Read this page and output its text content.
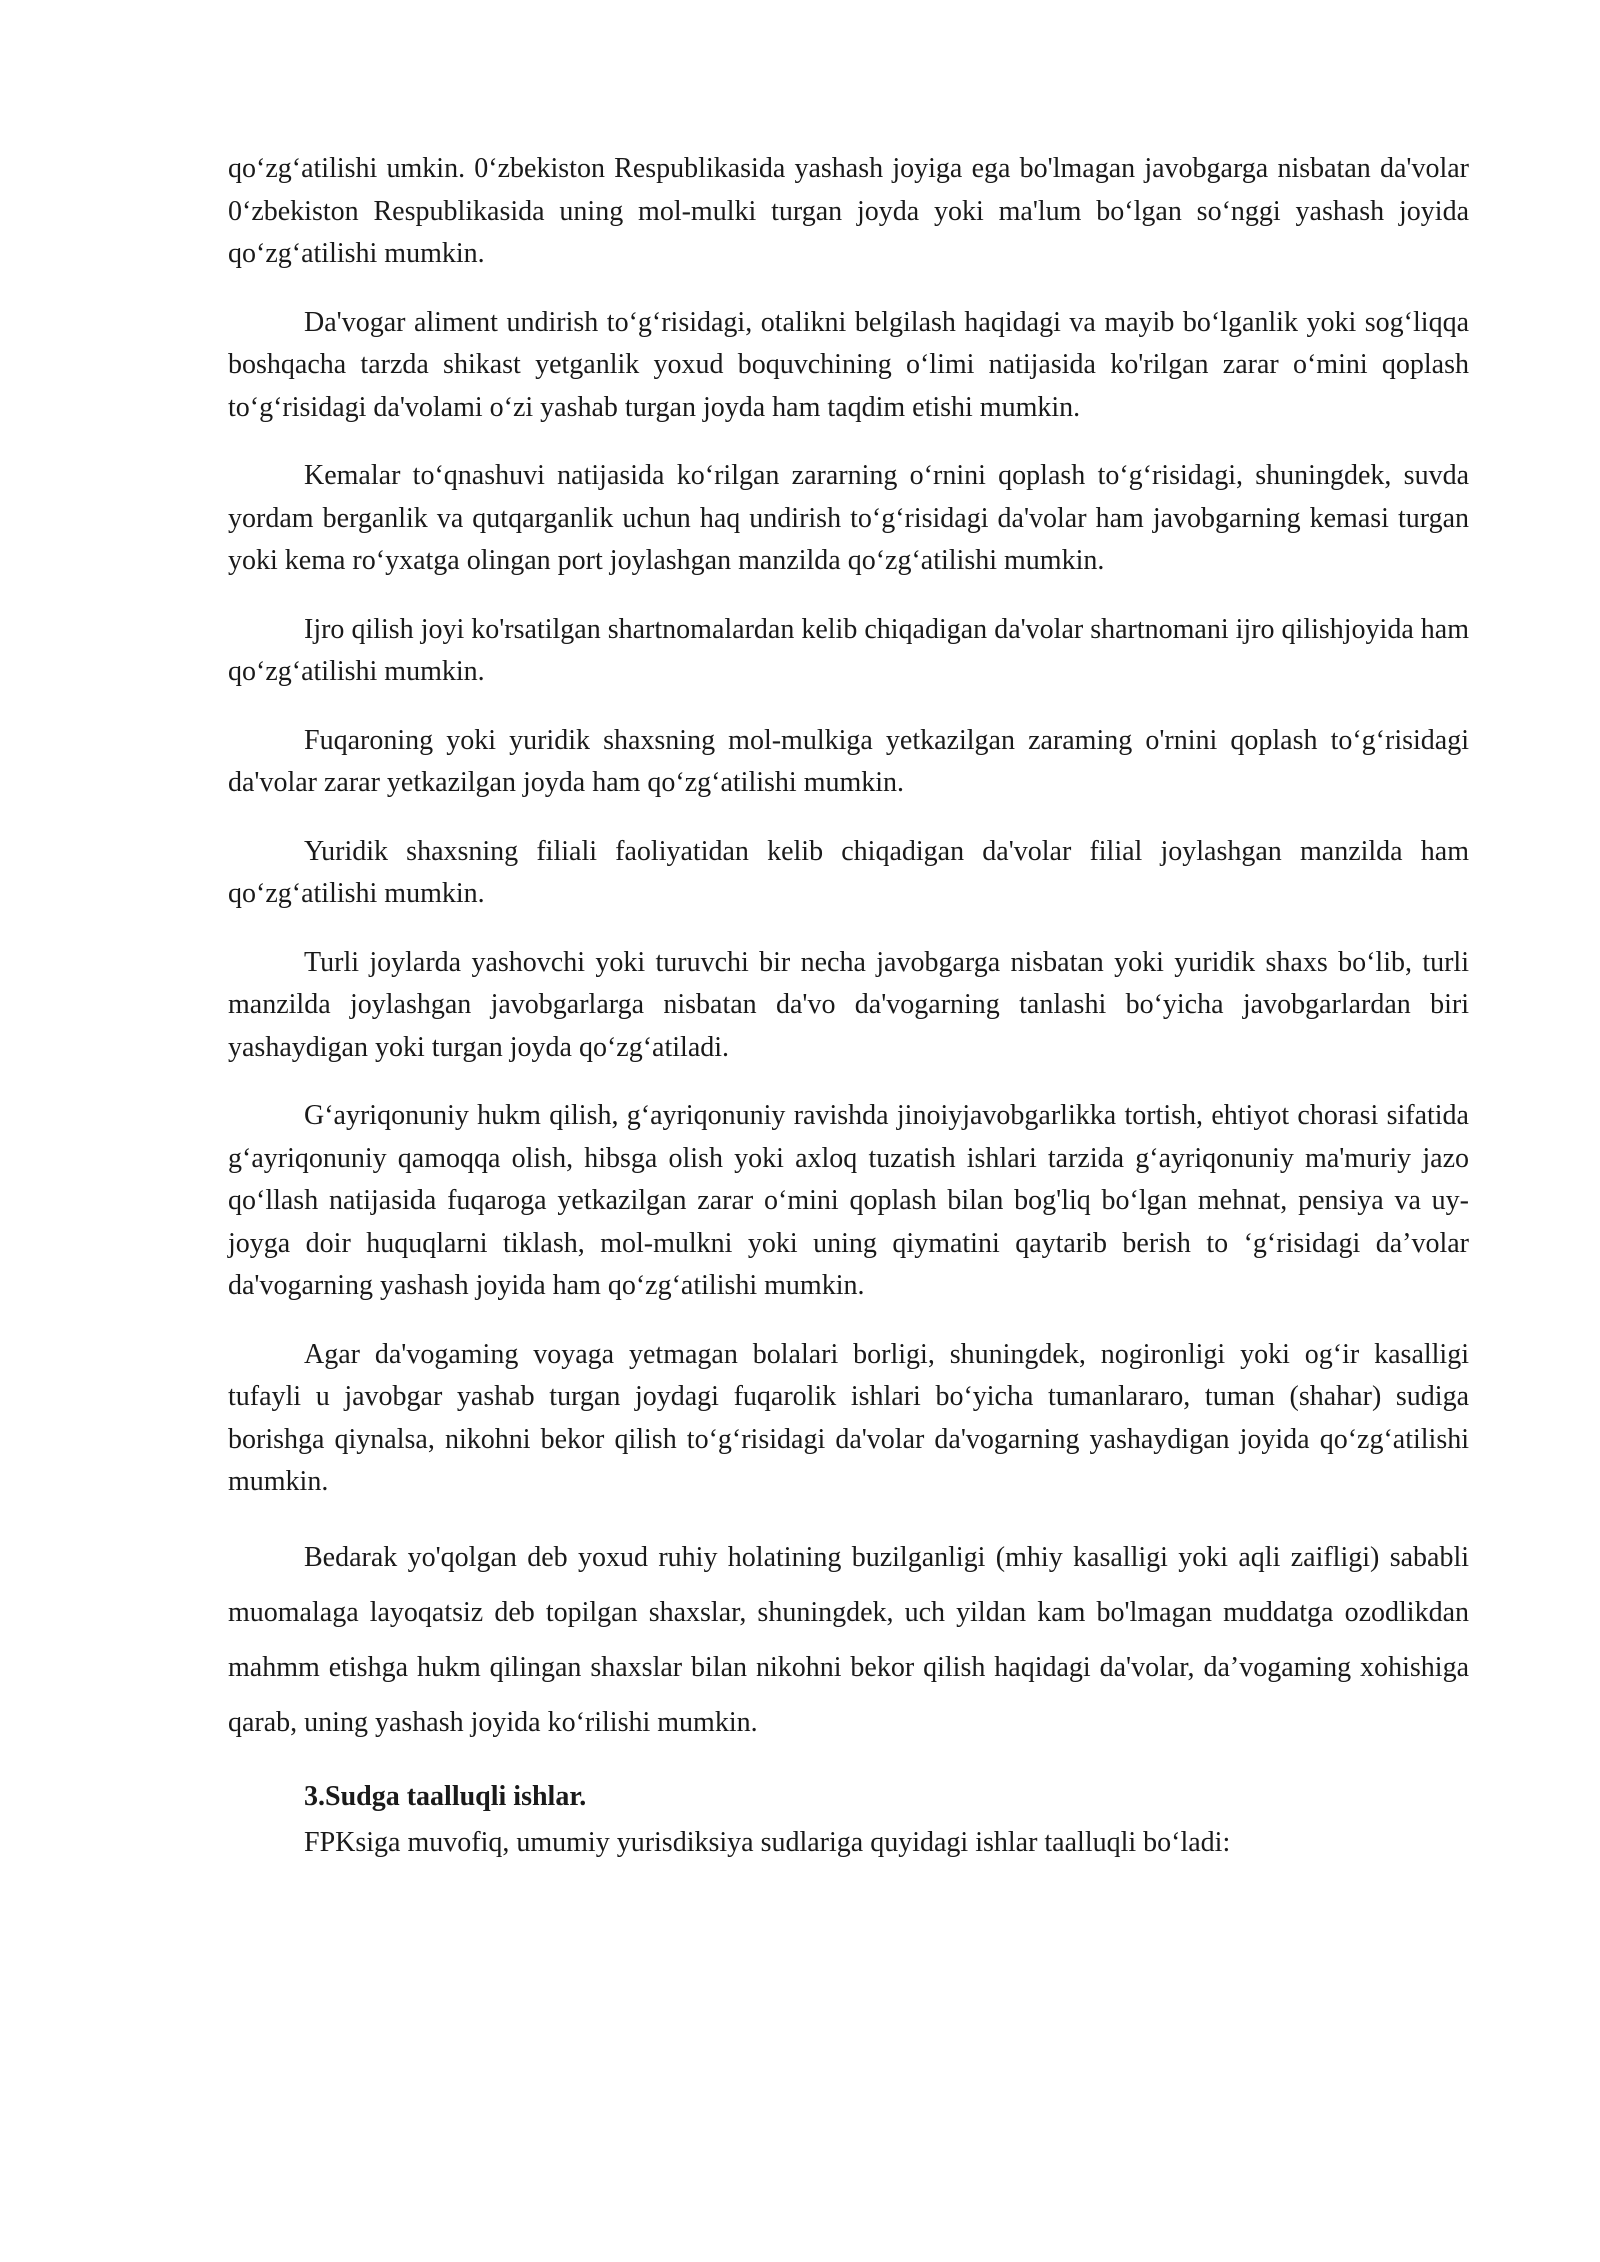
qo‘zg‘atilishi umkin. 0‘zbekiston Respublikasida yashash joyiga ega bo'lmagan javobgarga nisbatan da'volar 0‘zbekiston Respublikasida uning mol-mulki turgan joyda yoki ma'lum bo‘lgan so‘nggi yashash joyida qo‘zg‘atilishi mumkin.

Da'vogar aliment undirish to‘g‘risidagi, otalikni belgilash haqidagi va mayib bo‘lganlik yoki sog‘liqqa boshqacha tarzda shikast yetganlik yoxud boquvchining o‘limi natijasida ko'rilgan zarar o‘mini qoplash to‘g‘risidagi da'volami o‘zi yashab turgan joyda ham taqdim etishi mumkin.

Kemalar to‘qnashuvi natijasida ko‘rilgan zararning o‘rnini qoplash to‘g‘risidagi, shuningdek, suvda yordam berganlik va qutqarganlik uchun haq undirish to‘g‘risidagi da'volar ham javobgarning kemasi turgan yoki kema ro‘yxatga olingan port joylashgan manzilda qo‘zg‘atilishi mumkin.

Ijro qilish joyi ko'rsatilgan shartnomalardan kelib chiqadigan da'volar shartnomani ijro qilishjoyida ham qo‘zg‘atilishi mumkin.

Fuqaroning yoki yuridik shaxsning mol-mulkiga yetkazilgan zaraming o'rnini qoplash to‘g‘risidagi da'volar zarar yetkazilgan joyda ham qo‘zg‘atilishi mumkin.

Yuridik shaxsning filiali faoliyatidan kelib chiqadigan da'volar filial joylashgan manzilda ham qo‘zg‘atilishi mumkin.

Turli joylarda yashovchi yoki turuvchi bir necha javobgarga nisbatan yoki yuridik shaxs bo‘lib, turli manzilda joylashgan javobgarlarga nisbatan da'vo da'vogarning tanlashi bo‘yicha javobgarlardan biri yashaydigan yoki turgan joyda qo‘zg‘atiladi.

G‘ayriqonuniy hukm qilish, g‘ayriqonuniy ravishda jinoiyjavobgarlikka tortish, ehtiyot chorasi sifatida g‘ayriqonuniy qamoqqa olish, hibsga olish yoki axloq tuzatish ishlari tarzida g‘ayriqonuniy ma'muriy jazo qo‘llash natijasida fuqaroga yetkazilgan zarar o‘mini qoplash bilan bog'liq bo‘lgan mehnat, pensiya va uy-joyga doir huquqlarni tiklash, mol-mulkni yoki uning qiymatini qaytarib berish to ‘g‘risidagi da’volar da'vogarning yashash joyida ham qo‘zg‘atilishi mumkin.

Agar da'vogaming voyaga yetmagan bolalari borligi, shuningdek, nogironligi yoki og‘ir kasalligi tufayli u javobgar yashab turgan joydagi fuqarolik ishlari bo‘yicha tumanlararo, tuman (shahar) sudiga borishga qiynalsa, nikohni bekor qilish to‘g‘risidagi da'volar da'vogarning yashaydigan joyida qo‘zg‘atilishi mumkin.

Bedarak yo'qolgan deb yoxud ruhiy holatining buzilganligi (mhiy kasalligi yoki aqli zaifligi) sababli muomalaga layoqatsiz deb topilgan shaxslar, shuningdek, uch yildan kam bo'lmagan muddatga ozodlikdan mahmm etishga hukm qilingan shaxslar bilan nikohni bekor qilish haqidagi da'volar, da’vogaming xohishiga qarab, uning yashash joyida ko‘rilishi mumkin.

3.Sudga taalluqli ishlar.

FPKsiga muvofiq, umumiy yurisdiksiya sudlariga quyidagi ishlar taalluqli bo‘ladi:
